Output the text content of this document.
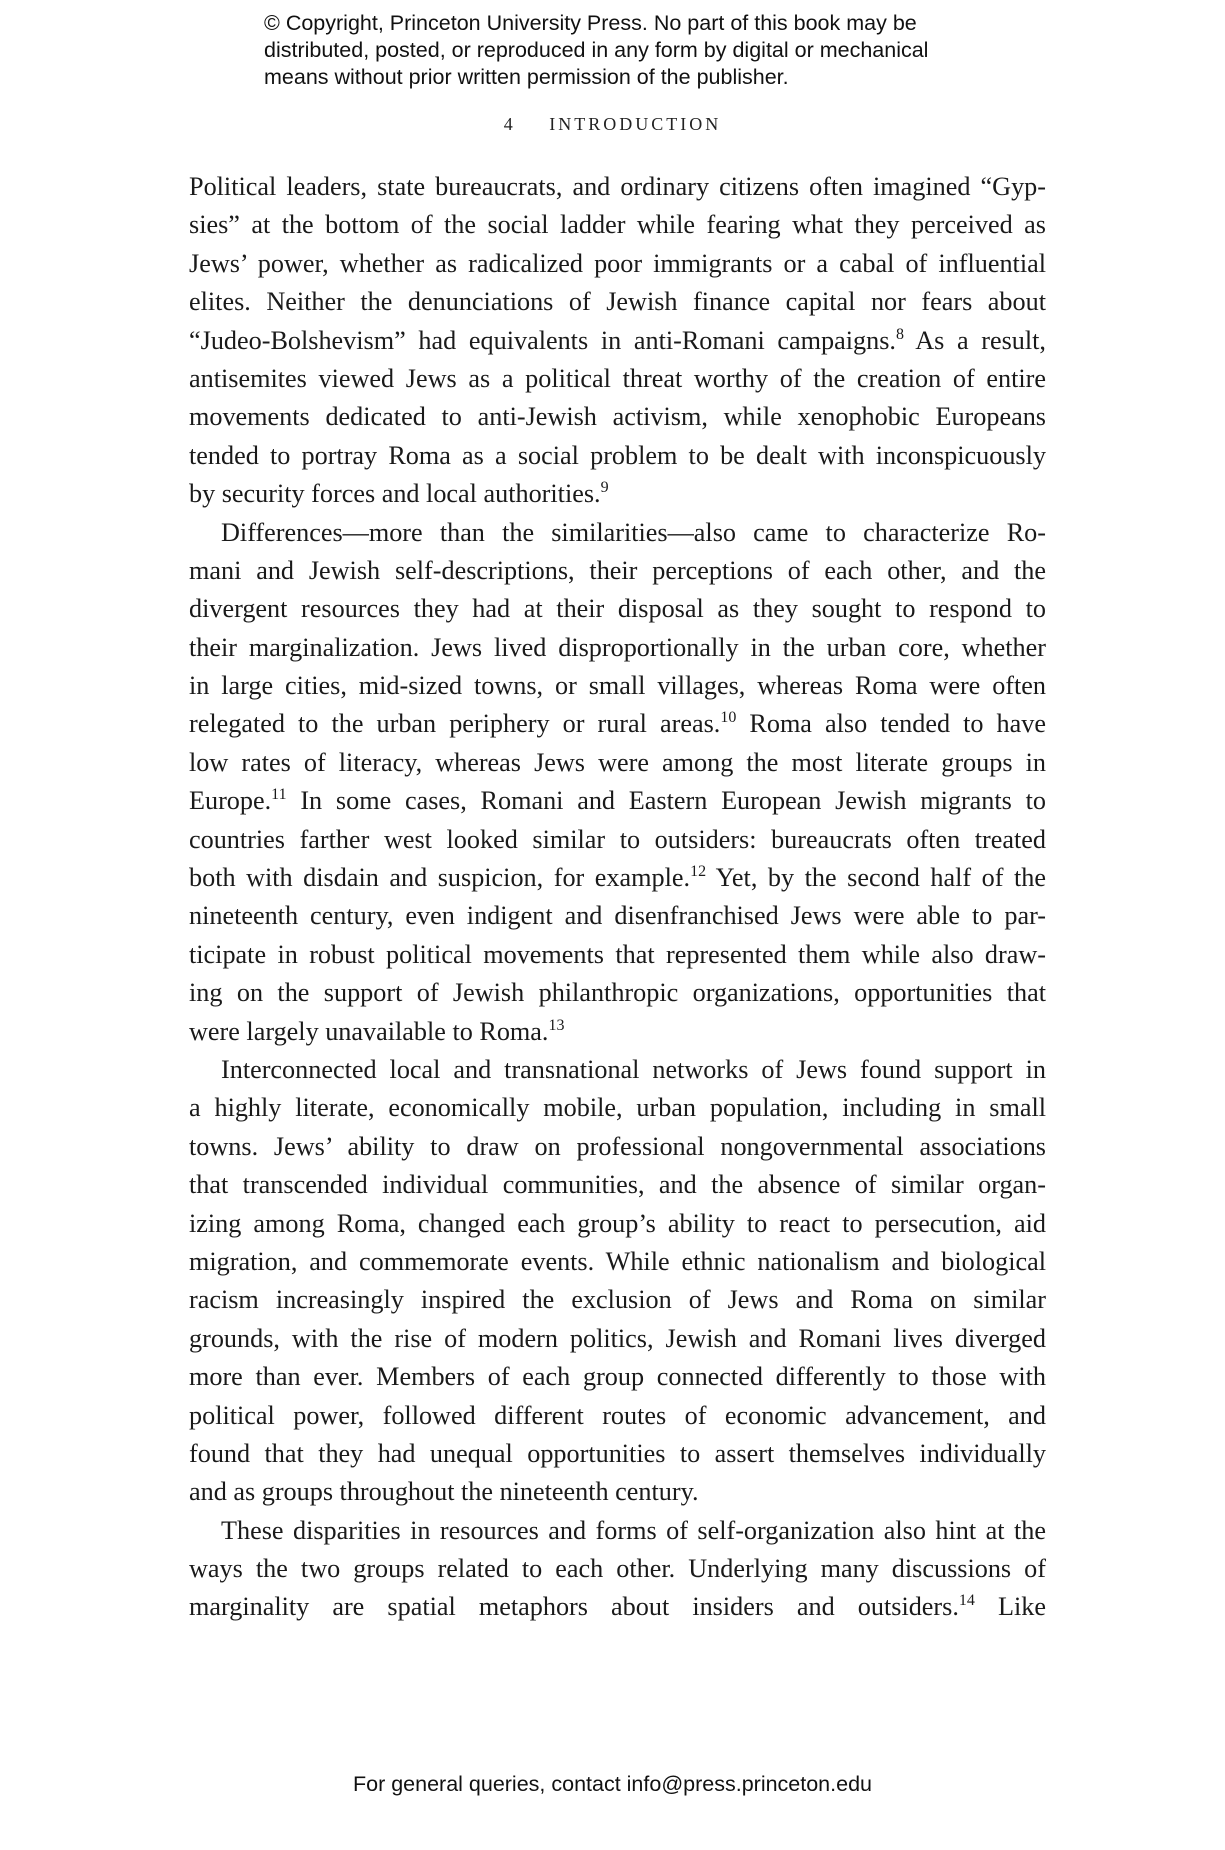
© Copyright, Princeton University Press. No part of this book may be
distributed, posted, or reproduced in any form by digital or mechanical
means without prior written permission of the publisher.
4 INTRODUCTION
Political leaders, state bureaucrats, and ordinary citizens often imagined “Gyp-
sies” at the bottom of the social ladder while fearing what they perceived as
Jews’ power, whether as radicalized poor immigrants or a cabal of influential
elites. Neither the denunciations of Jewish finance capital nor fears about
“Judeo-Bolshevism” had equivalents in anti-Romani campaigns.$^8$ As a result,
antisemites viewed Jews as a political threat worthy of the creation of entire
movements dedicated to anti-Jewish activism, while xenophobic Europeans
tended to portray Roma as a social problem to be dealt with inconspicuously
by security forces and local authorities.$^9$
Differences—more than the similarities—also came to characterize Ro-
mani and Jewish self-descriptions, their perceptions of each other, and the
divergent resources they had at their disposal as they sought to respond to
their marginalization. Jews lived disproportionally in the urban core, whether
in large cities, mid-sized towns, or small villages, whereas Roma were often
relegated to the urban periphery or rural areas.$^{10}$ Roma also tended to have
low rates of literacy, whereas Jews were among the most literate groups in
Europe.$^{11}$ In some cases, Romani and Eastern European Jewish migrants to
countries farther west looked similar to outsiders: bureaucrats often treated
both with disdain and suspicion, for example.$^{12}$ Yet, by the second half of the
nineteenth century, even indigent and disenfranchised Jews were able to par-
ticipate in robust political movements that represented them while also draw-
ing on the support of Jewish philanthropic organizations, opportunities that
were largely unavailable to Roma.$^{13}$
Interconnected local and transnational networks of Jews found support in
a highly literate, economically mobile, urban population, including in small
towns. Jews’ ability to draw on professional nongovernmental associations
that transcended individual communities, and the absence of similar organ-
izing among Roma, changed each group’s ability to react to persecution, aid
migration, and commemorate events. While ethnic nationalism and biological
racism increasingly inspired the exclusion of Jews and Roma on similar
grounds, with the rise of modern politics, Jewish and Romani lives diverged
more than ever. Members of each group connected differently to those with
political power, followed different routes of economic advancement, and
found that they had unequal opportunities to assert themselves individually
and as groups throughout the nineteenth century.
These disparities in resources and forms of self-organization also hint at the
ways the two groups related to each other. Underlying many discussions of
marginality are spatial metaphors about insiders and outsiders.$^{14}$ Like
For general queries, contact info@press.princeton.edu
